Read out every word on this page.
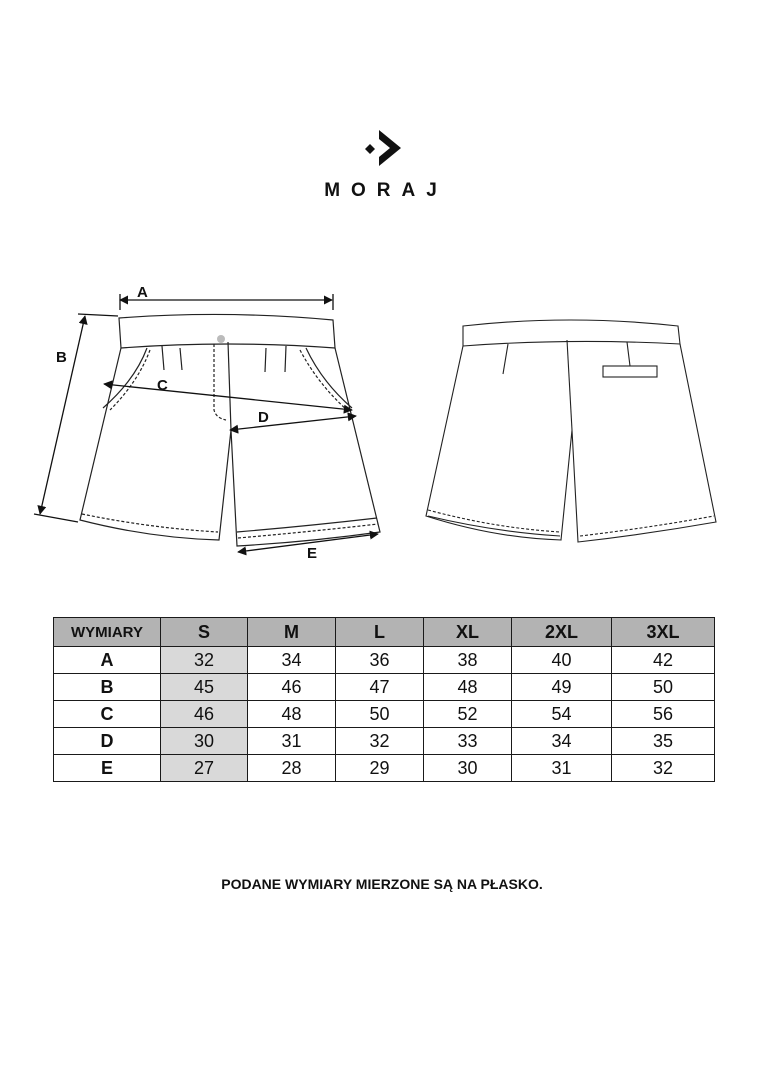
MORAJ
A
B
C
D
E
WYMIARY	S	M	L	XL	2XL	3XL
A	32	34	36	38	40	42
B	45	46	47	48	49	50
C	46	48	50	52	54	56
D	30	31	32	33	34	35
E	27	28	29	30	31	32
PODANE WYMIARY MIERZONE SĄ NA PŁASKO.
